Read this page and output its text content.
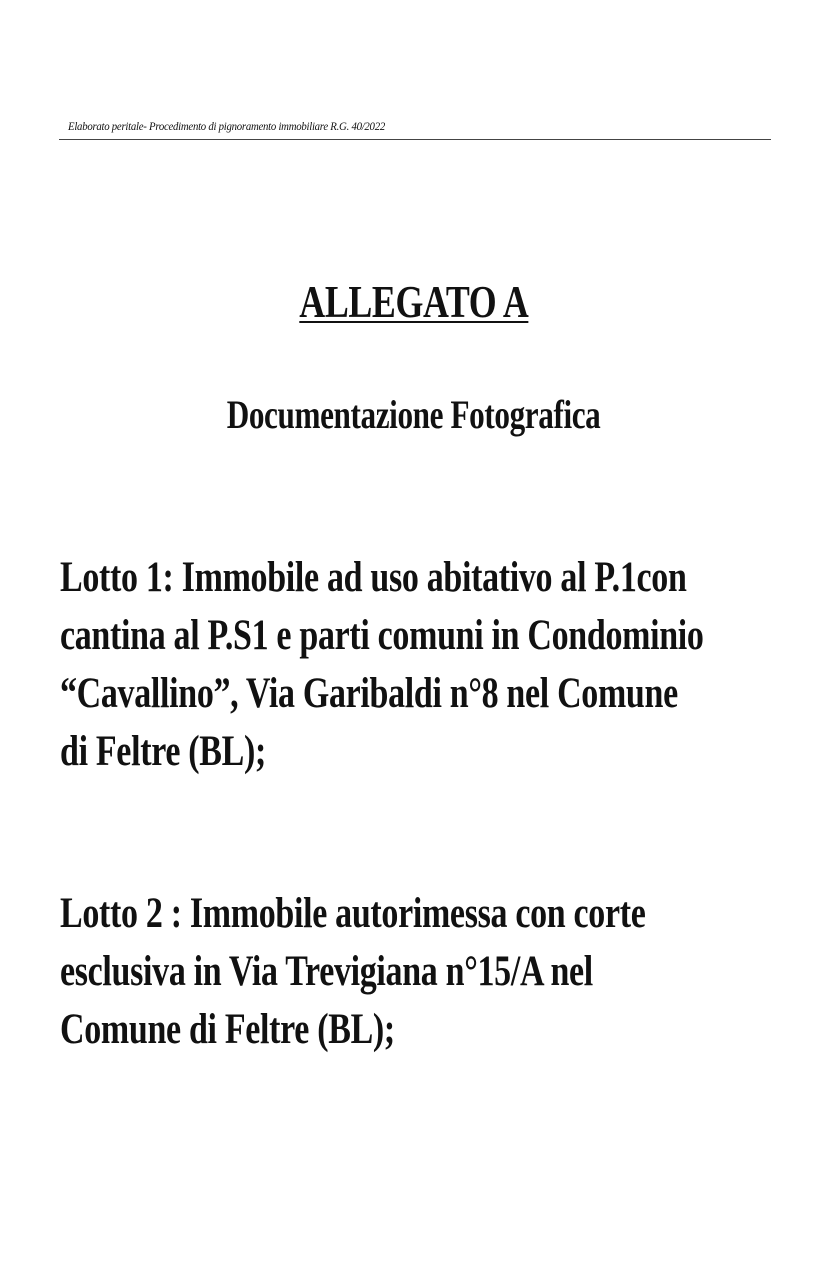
Elaborato peritale- Procedimento di pignoramento immobiliare R.G. 40/2022
ALLEGATO A
Documentazione Fotografica
Lotto 1: Immobile ad uso abitativo al P.1con
cantina al P.S1 e parti comuni in Condominio
“Cavallino”, Via Garibaldi n°8 nel Comune
di Feltre (BL);
Lotto 2 : Immobile autorimessa con corte
esclusiva in Via Trevigiana n°15/A nel
Comune di Feltre (BL);
